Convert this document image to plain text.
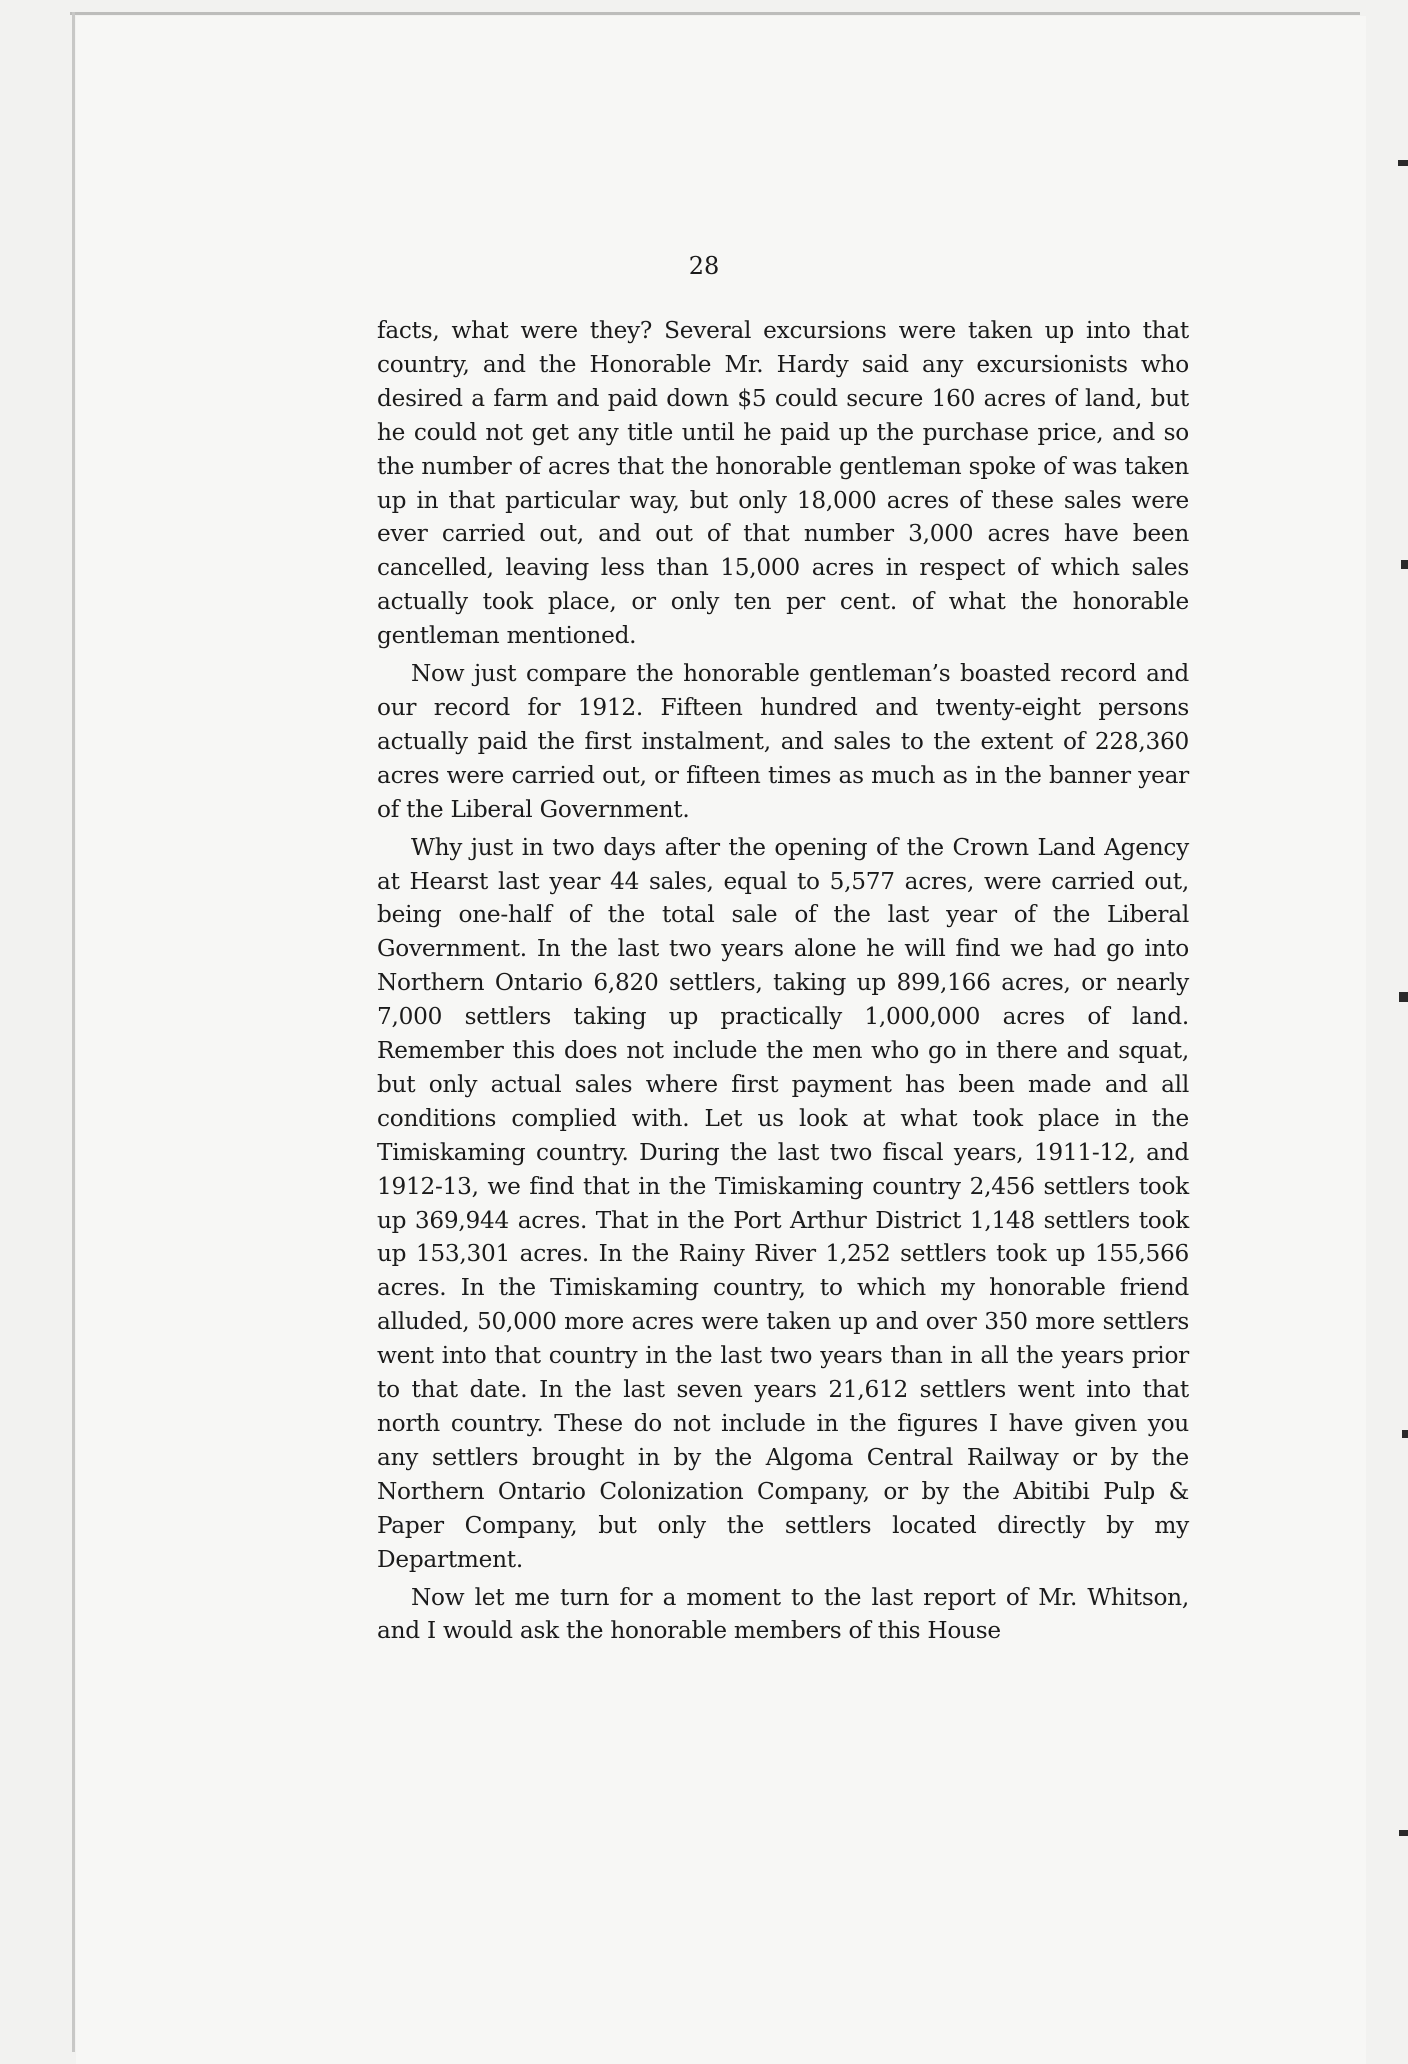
28

facts, what were they? Several excursions were taken up into that country, and the Honorable Mr. Hardy said any excursionists who desired a farm and paid down $5 could secure 160 acres of land, but he could not get any title until he paid up the purchase price, and so the number of acres that the honorable gentleman spoke of was taken up in that particular way, but only 18,000 acres of these sales were ever carried out, and out of that number 3,000 acres have been cancelled, leaving less than 15,000 acres in respect of which sales actually took place, or only ten per cent. of what the honorable gentleman mentioned.

Now just compare the honorable gentleman’s boasted record and our record for 1912. Fifteen hundred and twenty-eight persons actually paid the first instalment, and sales to the extent of 228,360 acres were carried out, or fifteen times as much as in the banner year of the Liberal Government.

Why just in two days after the opening of the Crown Land Agency at Hearst last year 44 sales, equal to 5,577 acres, were carried out, being one-half of the total sale of the last year of the Liberal Government. In the last two years alone he will find we had go into Northern Ontario 6,820 settlers, taking up 899,166 acres, or nearly 7,000 settlers taking up practically 1,000,000 acres of land. Remember this does not include the men who go in there and squat, but only actual sales where first payment has been made and all conditions complied with. Let us look at what took place in the Timiskaming country. During the last two fiscal years, 1911-12, and 1912-13, we find that in the Timiskaming country 2,456 settlers took up 369,944 acres. That in the Port Arthur District 1,148 settlers took up 153,301 acres. In the Rainy River 1,252 settlers took up 155,566 acres. In the Timiskaming country, to which my honorable friend alluded, 50,000 more acres were taken up and over 350 more settlers went into that country in the last two years than in all the years prior to that date. In the last seven years 21,612 settlers went into that north country. These do not include in the figures I have given you any settlers brought in by the Algoma Central Railway or by the Northern Ontario Colonization Company, or by the Abitibi Pulp & Paper Company, but only the settlers located directly by my Department.

Now let me turn for a moment to the last report of Mr. Whitson, and I would ask the honorable members of this House
